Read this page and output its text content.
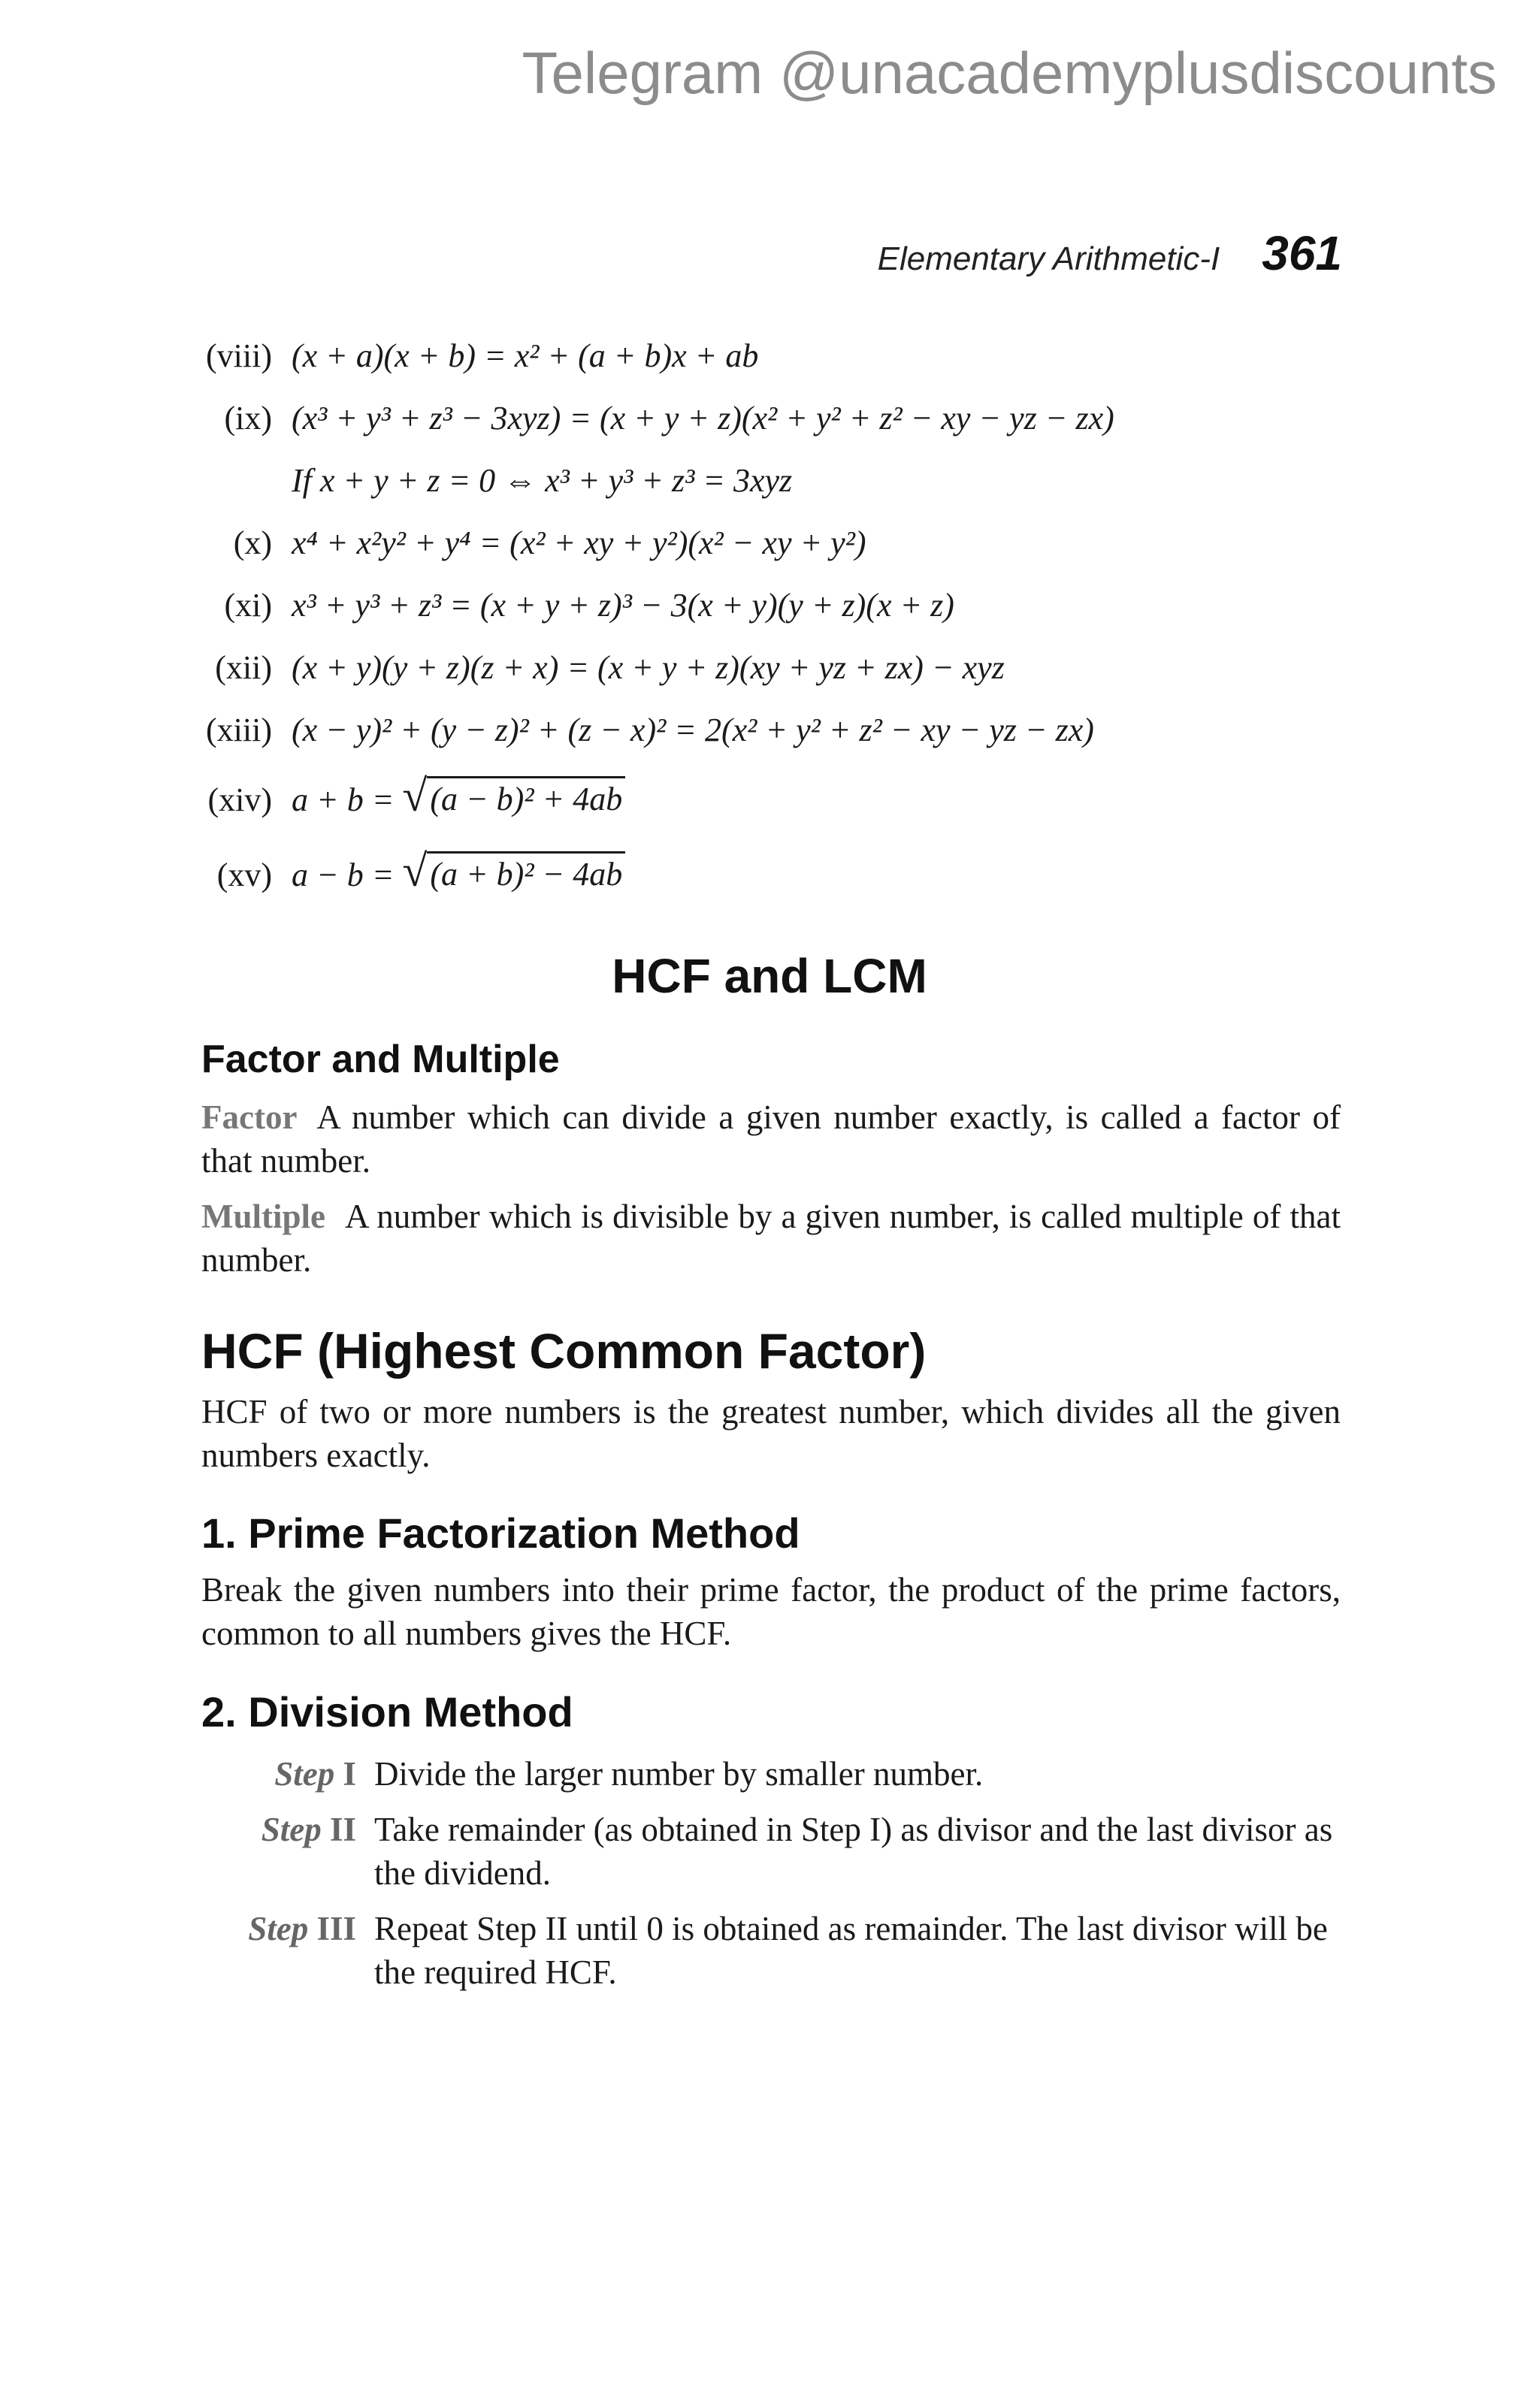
Telegram @unacademyplusdiscounts
Elementary Arithmetic-I 361
(viii) (x + a)(x + b) = x² + (a + b)x + ab
(ix) (x³ + y³ + z³ − 3xyz) = (x + y + z)(x² + y² + z² − xy − yz − zx)
If x + y + z = 0 ⇔ x³ + y³ + z³ = 3xyz
(x) x⁴ + x²y² + y⁴ = (x² + xy + y²)(x² − xy + y²)
(xi) x³ + y³ + z³ = (x + y + z)³ − 3(x + y)(y + z)(x + z)
(xii) (x + y)(y + z)(z + x) = (x + y + z)(xy + yz + zx) − xyz
(xiii) (x − y)² + (y − z)² + (z − x)² = 2(x² + y² + z² − xy − yz − zx)
(xiv) a + b = √ (a − b)² + 4ab
(xv) a − b = √ (a + b)² − 4ab
HCF and LCM
Factor and Multiple

Factor A number which can divide a given number exactly, is called a factor of that number.

Multiple A number which is divisible by a given number, is called multiple of that number.

HCF (Highest Common Factor)

HCF of two or more numbers is the greatest number, which divides all the given numbers exactly.

1. Prime Factorization Method

Break the given numbers into their prime factor, the product of the prime factors, common to all numbers gives the HCF.

2. Division Method
Step I Divide the larger number by smaller number.
Step II Take remainder (as obtained in Step I) as divisor and the last divisor as the dividend.
Step III Repeat Step II until 0 is obtained as remainder. The last divisor will be the required HCF.
